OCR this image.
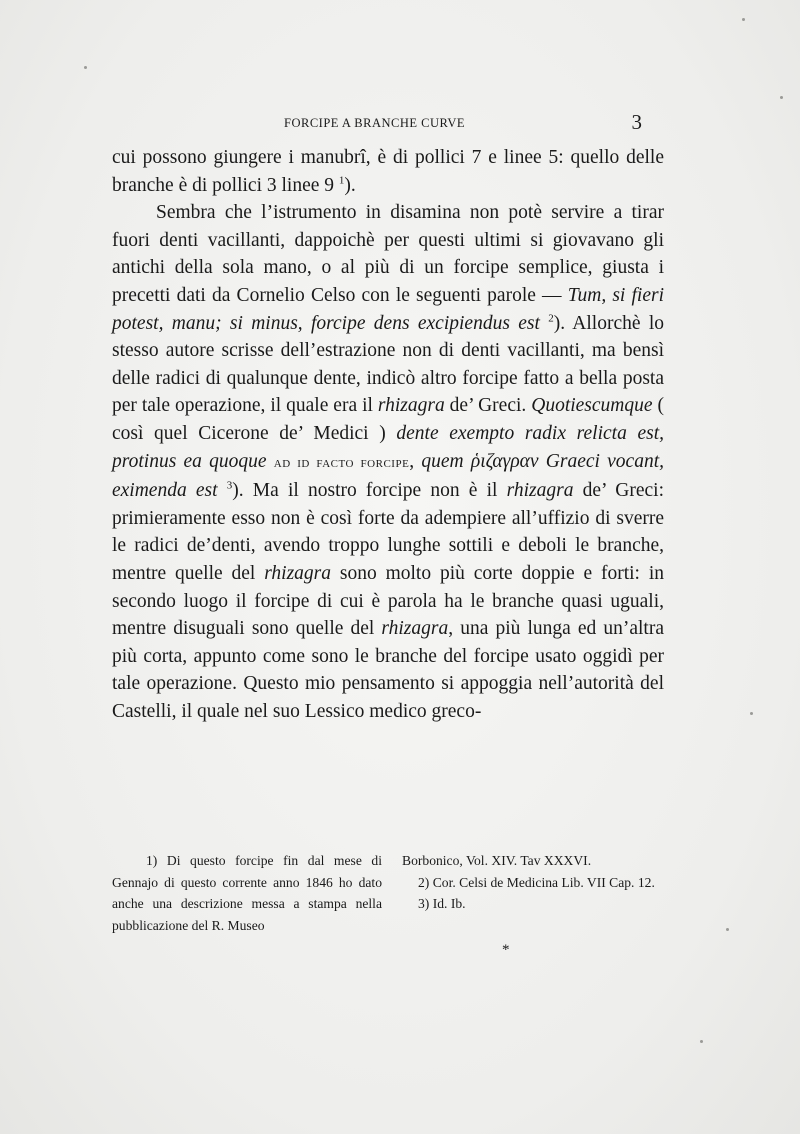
FORCIPE A BRANCHE CURVE	3

cui possono giungere i manubrî, è di pollici 7 e linee 5: quello delle branche è di pollici 3 linee 9 $^1$).

Sembra che l’istrumento in disamina non potè servire a tirar fuori denti vacillanti, dappoichè per questi ultimi si giovavano gli antichi della sola mano, o al più di un forcipe semplice, giusta i precetti dati da Cornelio Celso con le seguenti parole — Tum, si fieri potest, manu; si minus, forcipe dens excipiendus est $^2$). Allorchè lo stesso autore scrisse dell’estrazione non di denti vacillanti, ma bensì delle radici di qualunque dente, indicò altro forcipe fatto a bella posta per tale operazione, il quale era il rhizagra de’ Greci. Quotiescumque ( così quel Cicerone de’ Medici ) dente exempto radix relicta est, protinus ea quoque ad id facto forcipe, quem ῥιζαγραν Graeci vocant, eximenda est $^3$). Ma il nostro forcipe non è il rhizagra de’ Greci: primieramente esso non è così forte da adempiere all’uffizio di sverre le radici de’denti, avendo troppo lunghe sottili e deboli le branche, mentre quelle del rhizagra sono molto più corte doppie e forti: in secondo luogo il forcipe di cui è parola ha le branche quasi uguali, mentre disuguali sono quelle del rhizagra, una più lunga ed un’altra più corta, appunto come sono le branche del forcipe usato oggidì per tale operazione. Questo mio pensamento si appoggia nell’autorità del Castelli, il quale nel suo Lessico medico greco-

1) Di questo forcipe fin dal mese di Gennajo di questo corrente anno 1846 ho dato anche una descrizione messa a stampa nella pubblicazione del R. Museo

Borbonico, Vol. XIV. Tav XXXVI.

2) Cor. Celsi de Medicina Lib. VII Cap. 12.

3) Id. Ib.

*
